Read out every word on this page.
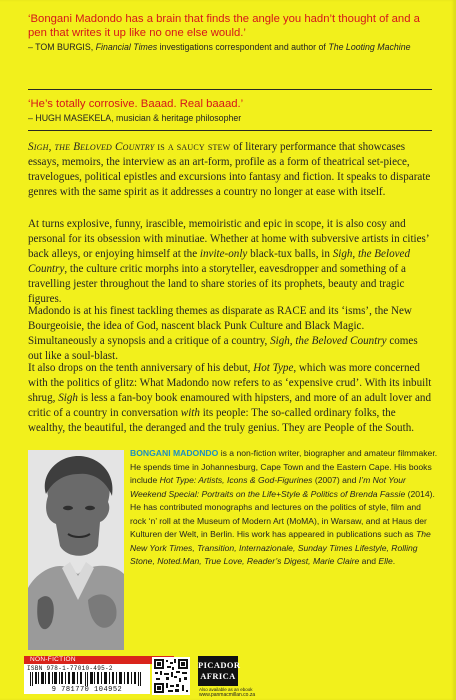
‘Bongani Madondo has a brain that finds the angle you hadn’t thought of and a pen that writes it up like no one else would.’
– TOM BURGIS, Financial Times investigations correspondent and author of The Looting Machine
‘He’s totally corrosive. Baaad. Real baaad.’
– HUGH MASEKELA, musician & heritage philosopher

Sigh, the Beloved Country is a saucy stew of literary performance that showcases essays, memoirs, the interview as an art-form, profile as a form of theatrical set-piece, travelogues, political epistles and excursions into fantasy and fiction. It speaks to disparate genres with the same spirit as it addresses a country no longer at ease with itself.

At turns explosive, funny, irascible, memoiristic and epic in scope, it is also cosy and personal for its obsession with minutiae. Whether at home with subversive artists in cities’ back alleys, or enjoying himself at the invite-only black-tux balls, in Sigh, the Beloved Country, the culture critic morphs into a storyteller, eavesdropper and something of a travelling jester throughout the land to share stories of its prophets, beauty and tragic figures.

Madondo is at his finest tackling themes as disparate as RACE and its ‘isms’, the New Bourgeoisie, the idea of God, nascent black Punk Culture and Black Magic. Simultaneously a synopsis and a critique of a country, Sigh, the Beloved Country comes out like a soul-blast.

It also drops on the tenth anniversary of his debut, Hot Type, which was more concerned with the politics of glitz: What Madondo now refers to as ‘expensive crud’. With its inbuilt shrug, Sigh is less a fan-boy book enamoured with hipsters, and more of an adult lover and critic of a country in conversation with its people: The so-called ordinary folks, the wealthy, the beautiful, the deranged and the truly genius. They are People of the South.

BONGANI MADONDO is a non-fiction writer, biographer and amateur filmmaker. He spends time in Johannesburg, Cape Town and the Eastern Cape. His books include Hot Type: Artists, Icons & God-Figurines (2007) and I’m Not Your Weekend Special: Portraits on the Life+Style & Politics of Brenda Fassie (2014). He has contributed monographs and lectures on the politics of style, film and rock ‘n’ roll at the Museum of Modern Art (MoMA), in Warsaw, and at Haus der Kulturen der Welt, in Berlin. His work has appeared in publications such as The New York Times, Transition, Internazionale, Sunday Times Lifestyle, Rolling Stone, Noted.Man, True Love, Reader’s Digest, Marie Claire and Elle.
NON-FICTION
ISBN 978-1-77010-495-2
9 781770 104952
PICADOR
AFRICA
Also available as an ebook
www.panmacmillan.co.za
